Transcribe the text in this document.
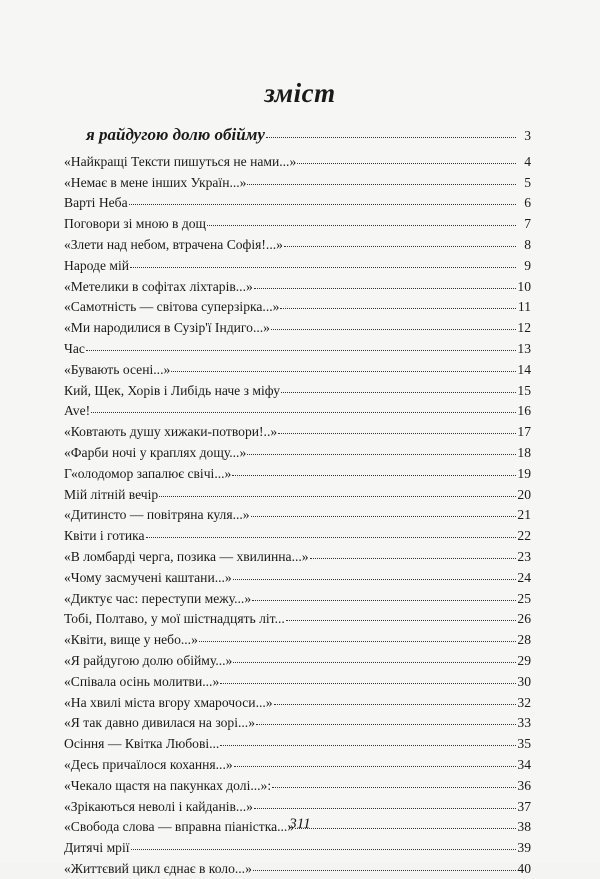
зміст
я райдугою долю обійму	3
«Найкращі Тексти пишуться не нами...»	4
«Немає в мене інших Україн...»	5
Варті Неба	6
Поговори зі мною в дощ	7
«Злети над небом, втрачена Софія!...»	8
Народе мій	9
«Метелики в софітах ліхтарів...»	10
«Самотність — світова суперзірка...»	11
«Ми народилися в Сузір'ї Індиго...»	12
Час	13
«Бувають осені...»	14
Кий, Щек, Хорів і Либідь наче з міфу	15
Ave!	16
«Ковтають душу хижаки-потвори!..»	17
«Фарби ночі у краплях дощу...»	18
Г«олодомор запалює свічі...»	19
Мій літній вечір	20
«Дитинсто — повітряна куля...»	21
Квіти і готика	22
«В ломбарді черга, позика — хвилинна...»	23
«Чому засмучені каштани...»	24
«Диктує час: переступи межу...»	25
Тобі, Полтаво, у мої шістнадцять літ...	26
«Квіти, вище у небо...»	28
«Я райдугою долю обійму...»	29
«Співала осінь молитви...»	30
«На хвилі міста вгору хмарочоси...»	32
«Я так давно дивилася на зорі...»	33
Осіння — Квітка Любові...	35
«Десь причаїлося кохання...»	34
«Чекало щастя на пакунках долі...»:	36
«Зрікаються неволі і кайданів...»	37
«Свобода слова — вправна піаністка...»	38
Дитячі мрії	39
«Життєвий цикл єднає в коло...»	40
311
